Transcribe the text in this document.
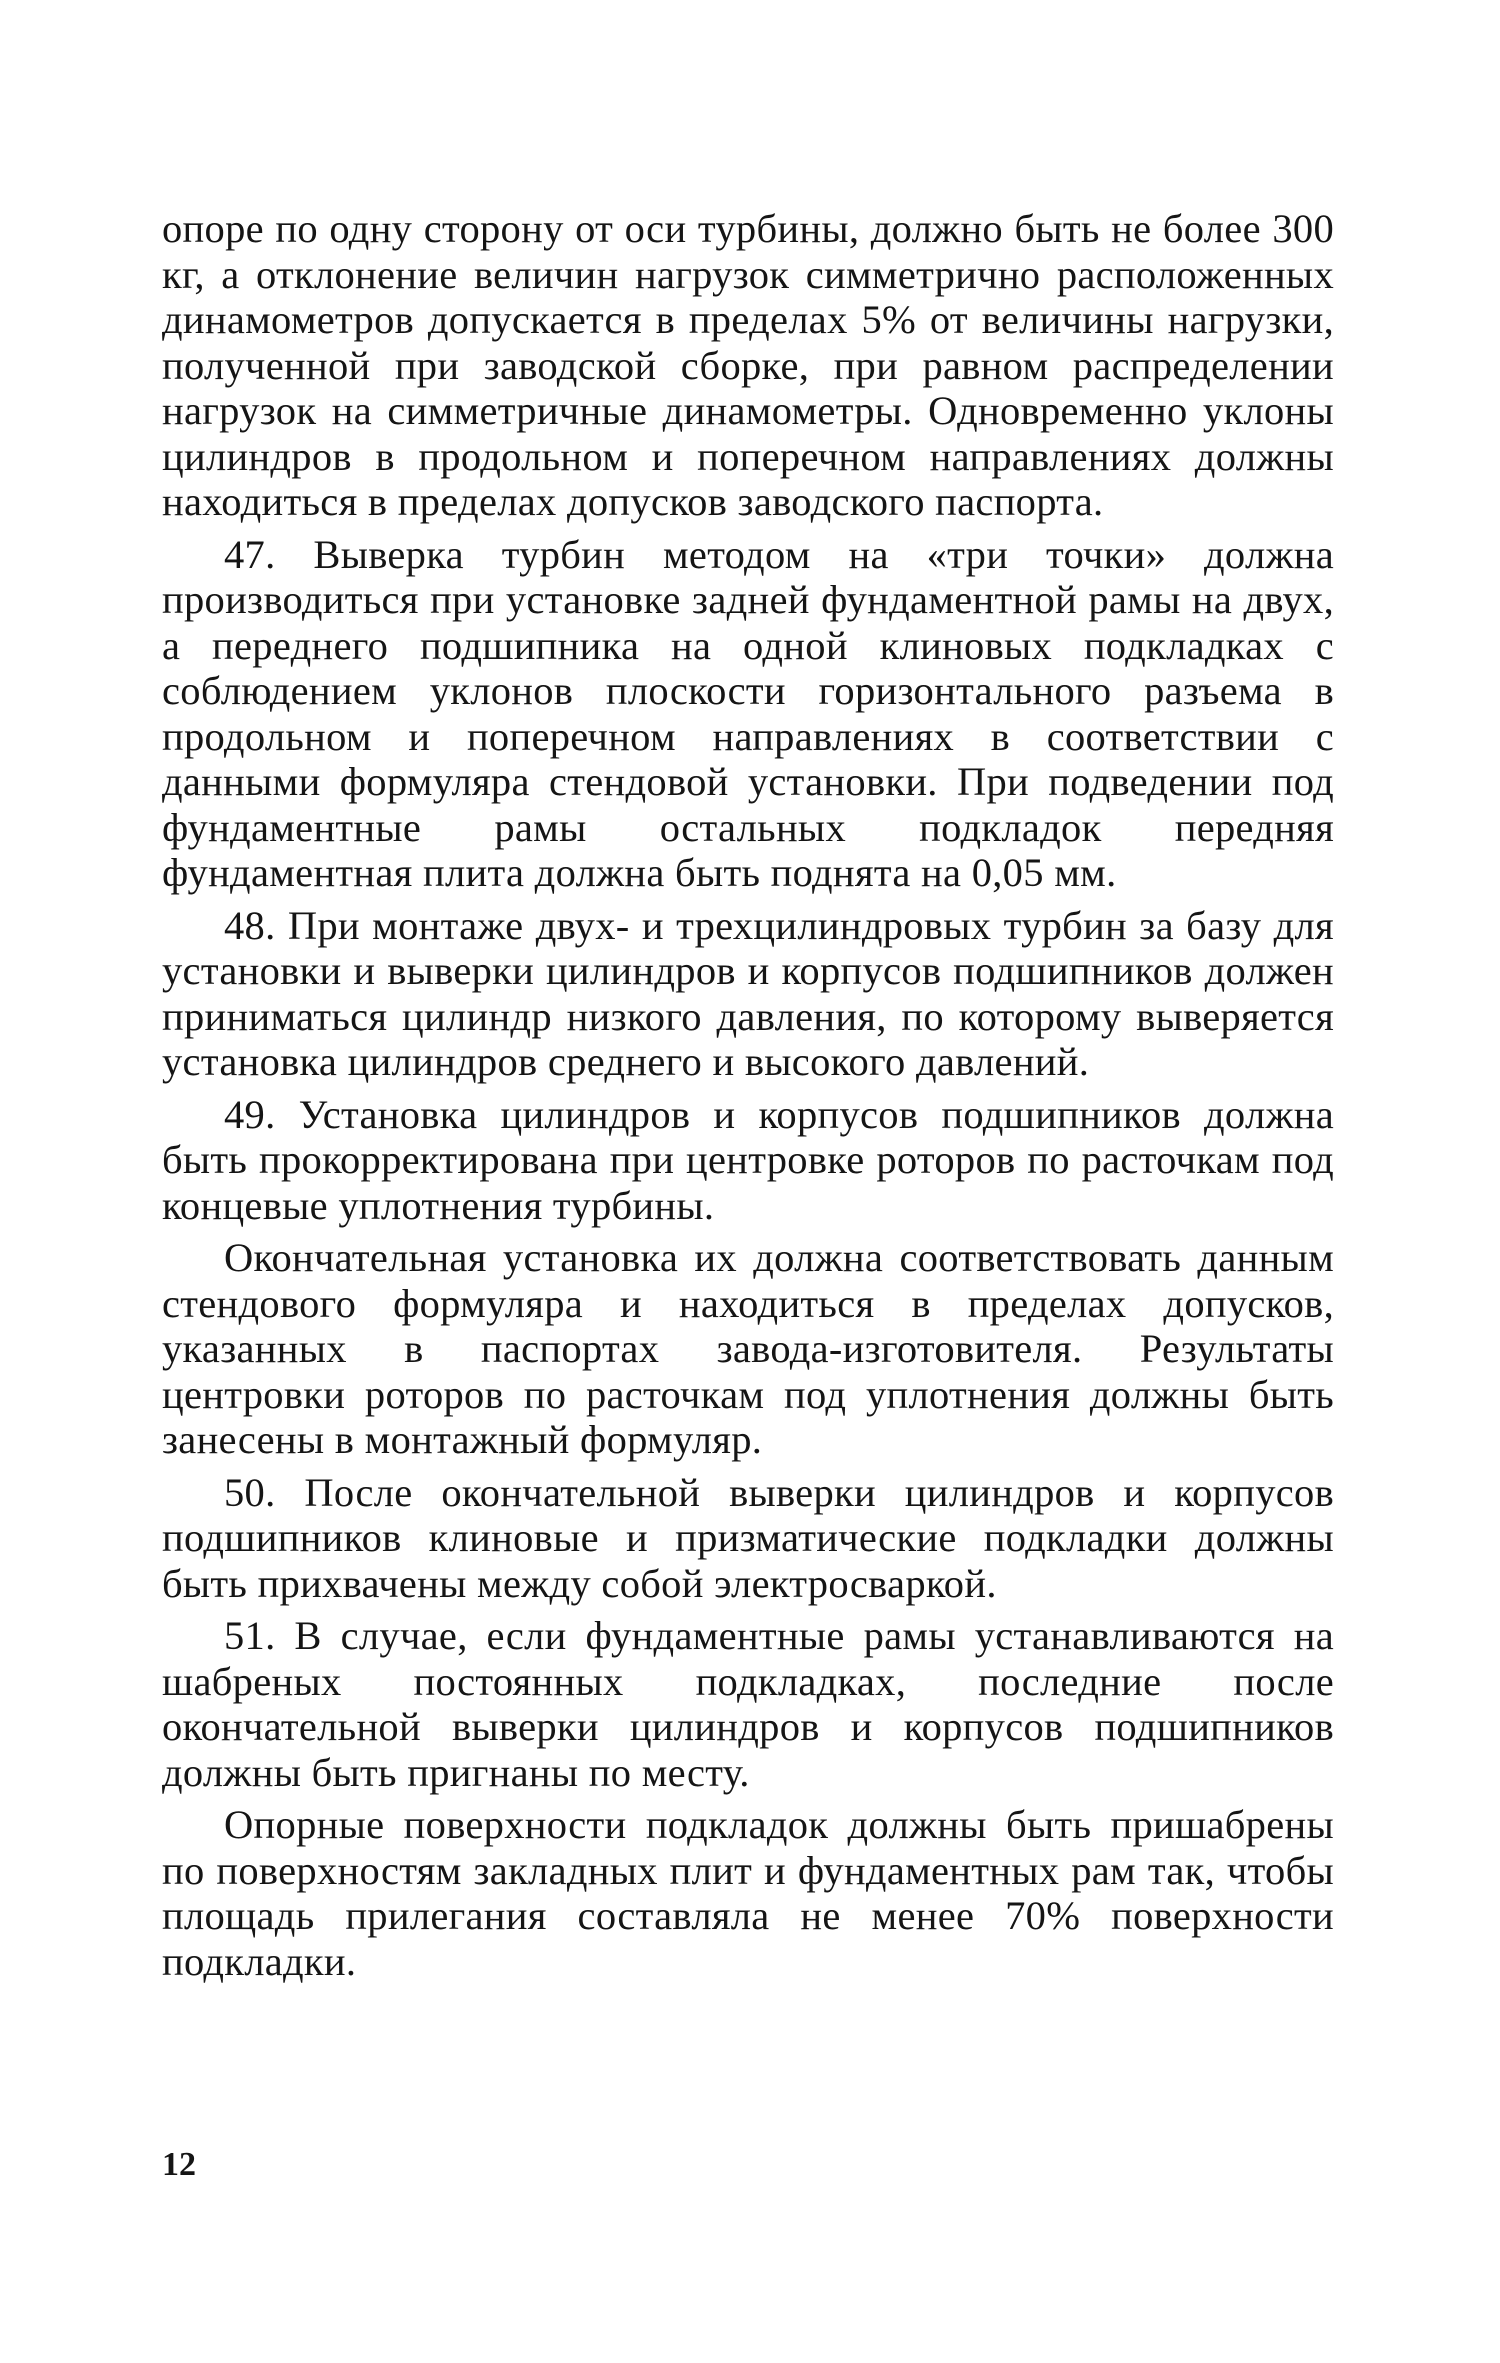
опоре по одну сторону от оси турбины, должно быть не более 300 кг, а отклонение величин нагрузок симметрично расположенных динамометров допускается в пределах 5% от величины нагрузки, полученной при заводской сборке, при равном распределении нагрузок на симметричные динамометры. Одновременно уклоны цилиндров в продольном и поперечном направлениях должны находиться в пределах допусков заводского паспорта.

47. Выверка турбин методом на «три точки» должна производиться при установке задней фундаментной рамы на двух, а переднего подшипника на одной клиновых подкладках с соблюдением уклонов плоскости горизонтального разъема в продольном и поперечном направлениях в соответствии с данными формуляра стендовой установки. При подведении под фундаментные рамы остальных подкладок передняя фундаментная плита должна быть поднята на 0,05 мм.

48. При монтаже двух- и трехцилиндровых турбин за базу для установки и выверки цилиндров и корпусов подшипников должен приниматься цилиндр низкого давления, по которому выверяется установка цилиндров среднего и высокого давлений.

49. Установка цилиндров и корпусов подшипников должна быть прокорректирована при центровке роторов по расточкам под концевые уплотнения турбины.

Окончательная установка их должна соответствовать данным стендового формуляра и находиться в пределах допусков, указанных в паспортах завода-изготовителя. Результаты центровки роторов по расточкам под уплотнения должны быть занесены в монтажный формуляр.

50. После окончательной выверки цилиндров и корпусов подшипников клиновые и призматические подкладки должны быть прихвачены между собой электросваркой.

51. В случае, если фундаментные рамы устанавливаются на шабреных постоянных подкладках, последние после окончательной выверки цилиндров и корпусов подшипников должны быть пригнаны по месту.

Опорные поверхности подкладок должны быть пришабрены по поверхностям закладных плит и фундаментных рам так, чтобы площадь прилегания составляла не менее 70% поверхности подкладки.

12
